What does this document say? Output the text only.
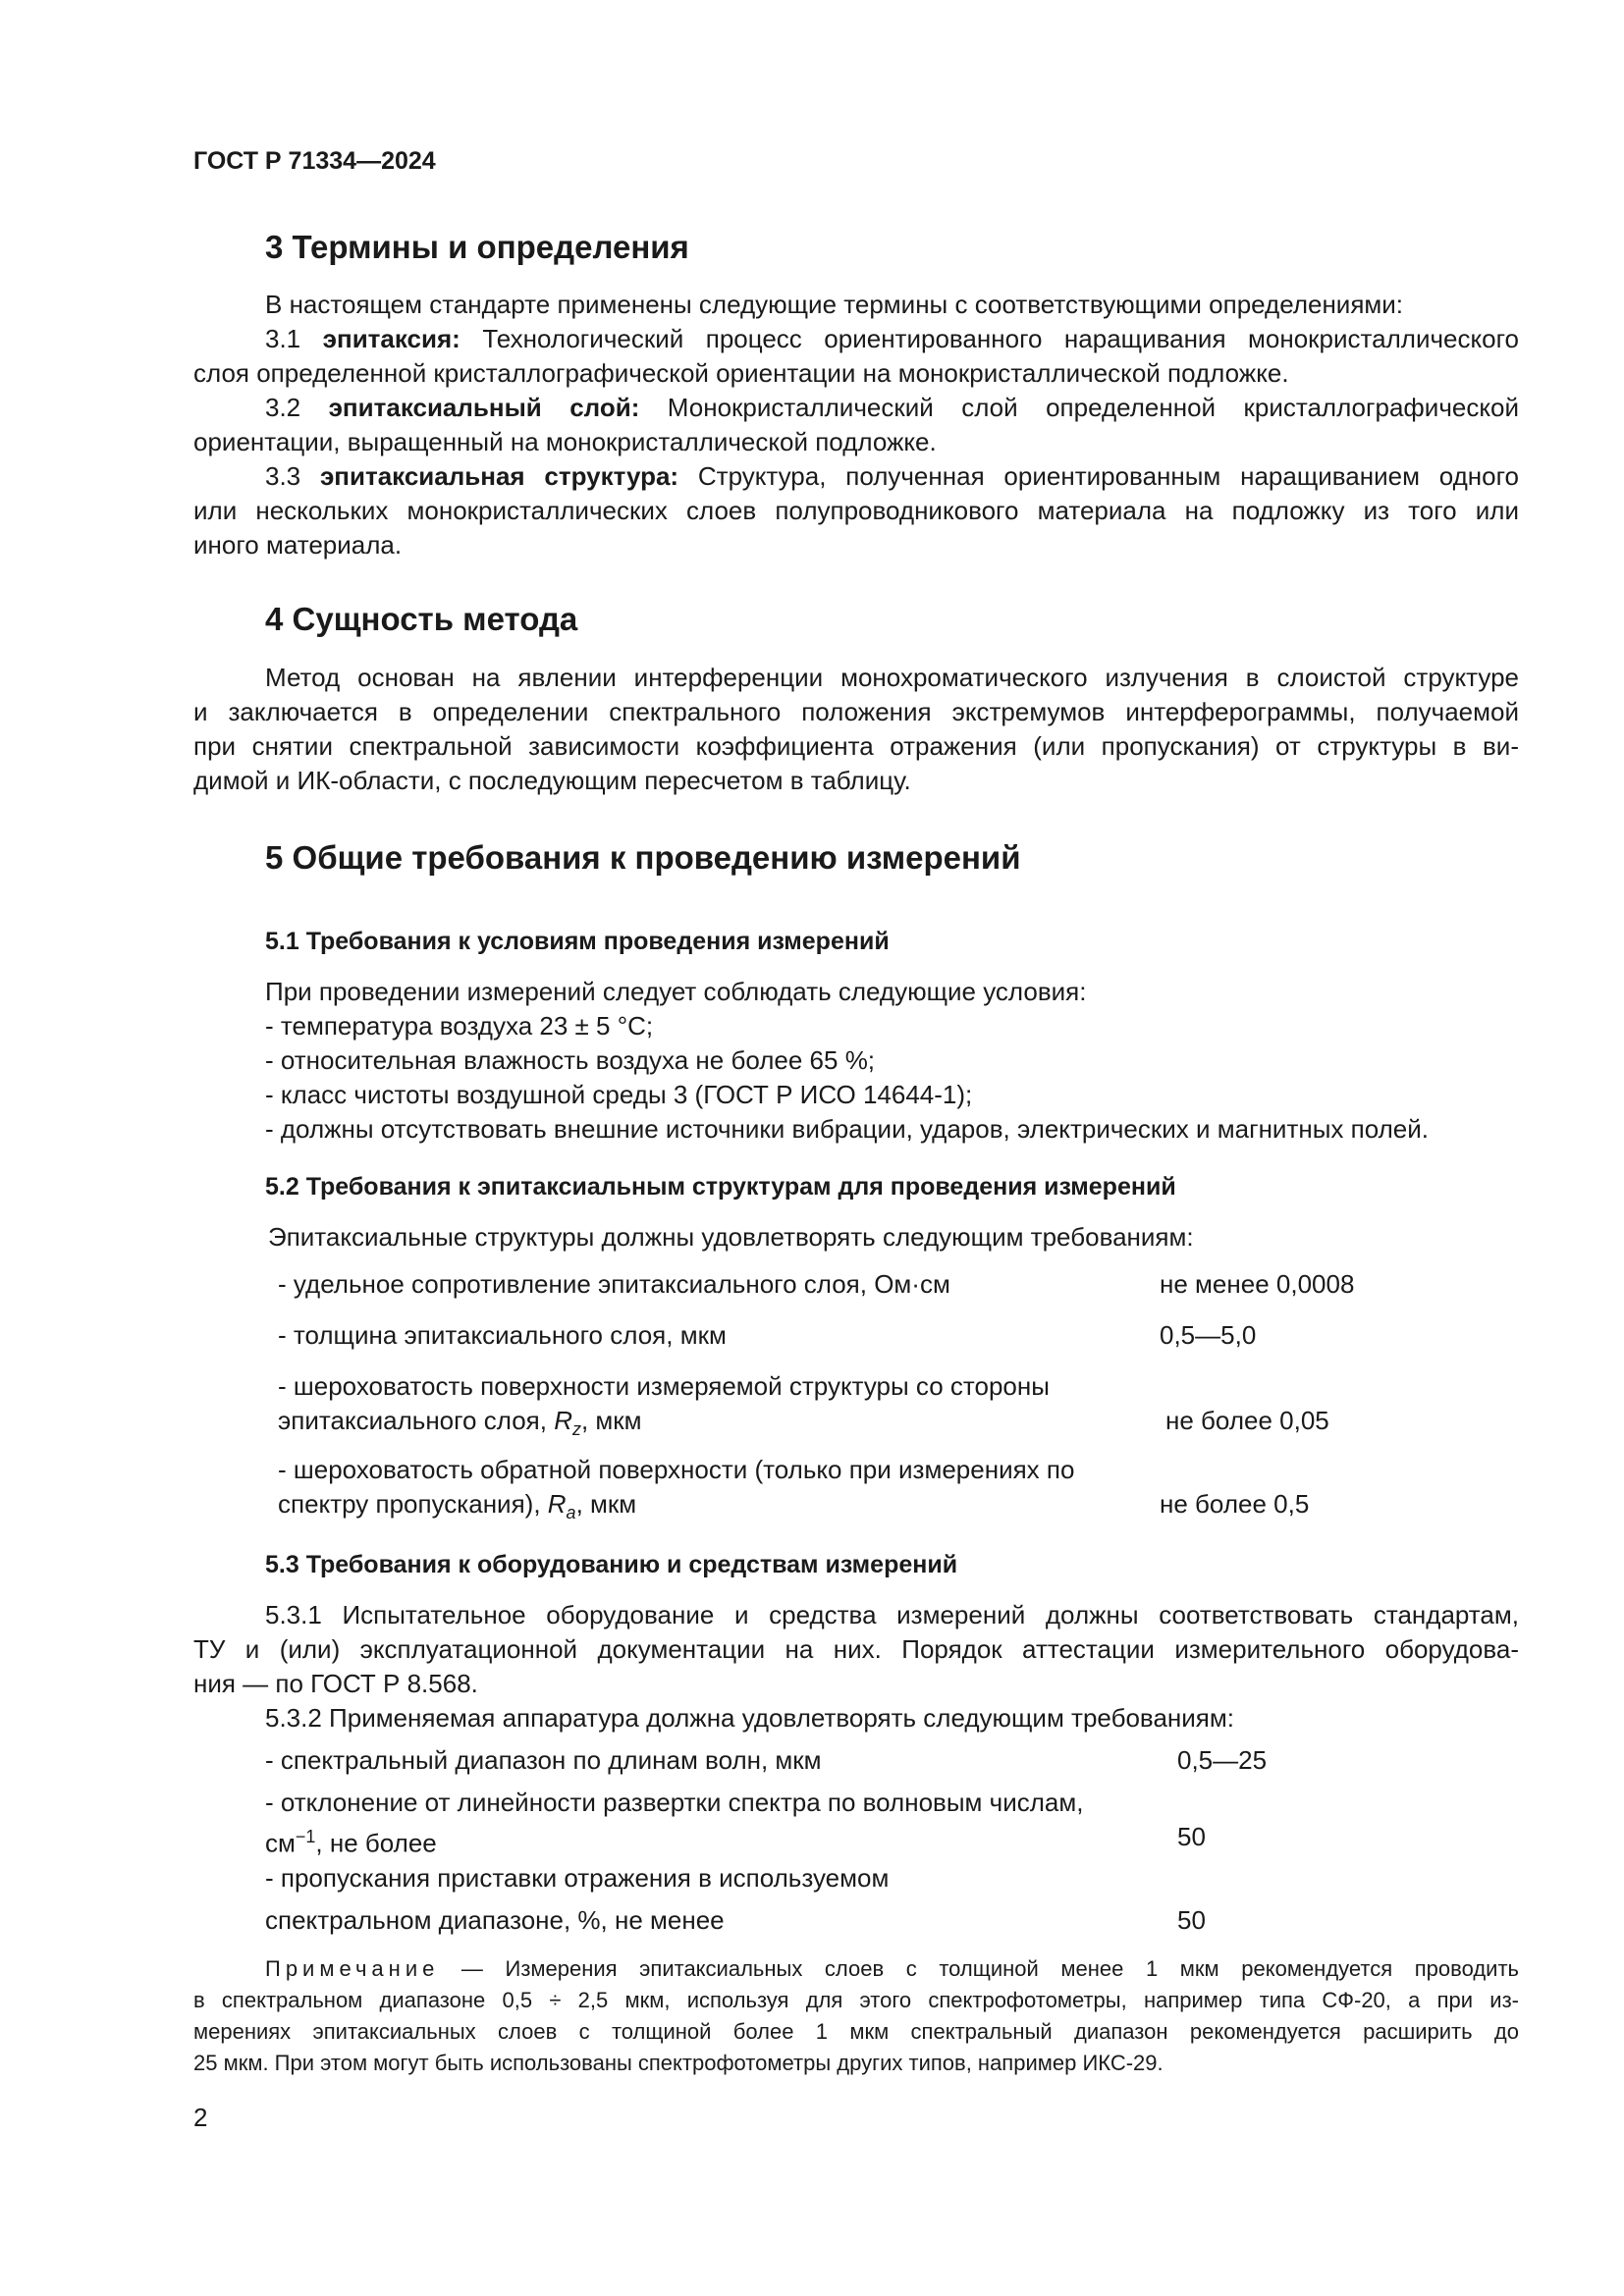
ГОСТ Р 71334—2024
3 Термины и определения
В настоящем стандарте применены следующие термины с соответствующими определениями:
3.1 эпитаксия: Технологический процесс ориентированного наращивания монокристаллического
слоя определенной кристаллографической ориентации на монокристаллической подложке.
3.2 эпитаксиальный слой: Монокристаллический слой определенной кристаллографической
ориентации, выращенный на монокристаллической подложке.
3.3 эпитаксиальная структура: Структура, полученная ориентированным наращиванием одного
или нескольких монокристаллических слоев полупроводникового материала на подложку из того или
иного материала.
4 Сущность метода
Метод основан на явлении интерференции монохроматического излучения в слоистой структуре
и заключается в определении спектрального положения экстремумов интерферограммы, получаемой
при снятии спектральной зависимости коэффициента отражения (или пропускания) от структуры в ви-
димой и ИК-области, с последующим пересчетом в таблицу.
5 Общие требования к проведению измерений
5.1 Требования к условиям проведения измерений
При проведении измерений следует соблюдать следующие условия:
- температура воздуха 23 ± 5 °С;
- относительная влажность воздуха не более 65 %;
- класс чистоты воздушной среды 3 (ГОСТ Р ИСО 14644-1);
- должны отсутствовать внешние источники вибрации, ударов, электрических и магнитных полей.
5.2 Требования к эпитаксиальным структурам для проведения измерений
Эпитаксиальные структуры должны удовлетворять следующим требованиям:
- удельное сопротивление эпитаксиального слоя, Ом·см	не менее 0,0008
- толщина эпитаксиального слоя, мкм	0,5—5,0
- шероховатость поверхности измеряемой структуры со стороны
эпитаксиального слоя, $R_z$, мкм	не более 0,05
- шероховатость обратной поверхности (только при измерениях по
спектру пропускания), $R_a$, мкм	не более 0,5
5.3 Требования к оборудованию и средствам измерений
5.3.1 Испытательное оборудование и средства измерений должны соответствовать стандартам,
ТУ и (или) эксплуатационной документации на них. Порядок аттестации измерительного оборудова-
ния — по ГОСТ Р 8.568.
5.3.2 Применяемая аппаратура должна удовлетворять следующим требованиям:
- спектральный диапазон по длинам волн, мкм	0,5—25
- отклонение от линейности развертки спектра по волновым числам,
$см^{-1}$, не более	50
- пропускания приставки отражения в используемом
спектральном диапазоне, %, не менее	50
Примечание — Измерения эпитаксиальных слоев с толщиной менее 1 мкм рекомендуется проводить
в спектральном диапазоне 0,5 ÷ 2,5 мкм, используя для этого спектрофотометры, например типа СФ-20, а при из-
мерениях эпитаксиальных слоев с толщиной более 1 мкм спектральный диапазон рекомендуется расширить до
25 мкм. При этом могут быть использованы спектрофотометры других типов, например ИКС-29.
2
